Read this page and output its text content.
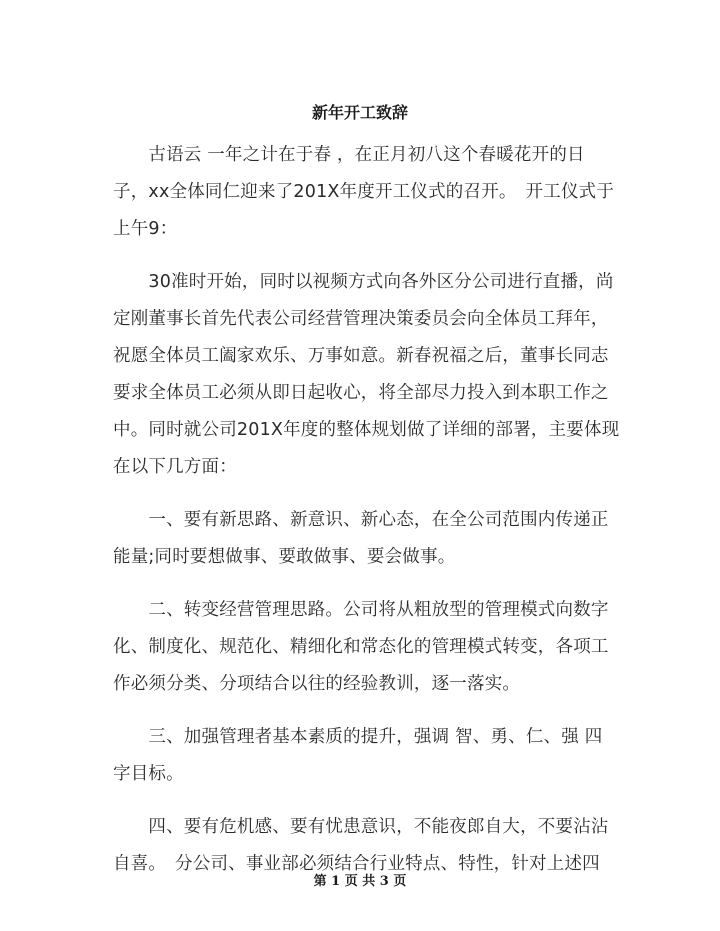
新年开工致辞
　　古语云 一年之计在于春 ，在正月初八这个春暖花开的日
子，xx全体同仁迎来了201X年度开工仪式的召开。　开工仪式于
上午9：
　　30准时开始，同时以视频方式向各外区分公司进行直播，尚
定刚董事长首先代表公司经营管理决策委员会向全体员工拜年，
祝愿全体员工阖家欢乐、万事如意。新春祝福之后，董事长同志
要求全体员工必须从即日起收心，将全部尽力投入到本职工作之
中。同时就公司201X年度的整体规划做了详细的部署，主要体现
在以下几方面：
　　一、要有新思路、新意识、新心态，在全公司范围内传递正
能量;同时要想做事、要敢做事、要会做事。
　　二、转变经营管理思路。公司将从粗放型的管理模式向数字
化、制度化、规范化、精细化和常态化的管理模式转变，各项工
作必须分类、分项结合以往的经验教训，逐一落实。
　　三、加强管理者基本素质的提升，强调 智、勇、仁、强 四
字目标。
　　四、要有危机感、要有忧患意识，不能夜郎自大，不要沾沾
自喜。　分公司、事业部必须结合行业特点、特性，针对上述四
第 1 页 共 3 页
